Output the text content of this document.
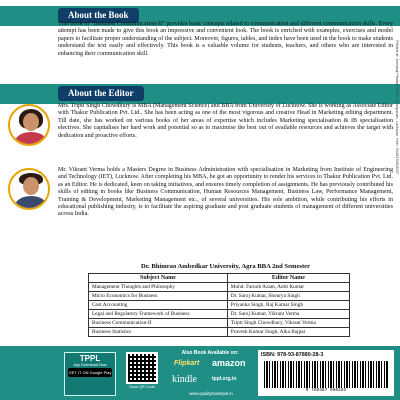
About the Book

This book of “Business Communication-II” provides basic concepts related to communication and different communication skills. Every attempt has been made to give this book an impressive and convenient look. The book is enriched with examples, exercises and model papers to facilitate proper understanding of the subject. Moreover, figures, tables, and index have been used in the book to make students understand the text easily and effectively. This book is a valuable volume for students, teachers, and others who are interested in enhancing their communication skill.

About the Editor

Mrs. Tripti Singh Chowdhury is MBA (Management Science) and BBA from University of Lucknow. She is working as Associate Editor with Thakur Publication Pvt. Ltd.. She has been acting as one of the most vigorous and creative Head in Marketing editing department. Till date, she has worked on various books of her areas of expertise which includes Marketing specialisation & IB specialisation electives. She capitalises her hard work and potential so as to maximise the best out of available resources and achieves the target with dedication and proactive efforts.

Mr. Vikrant Verma holds a Masters Degree in Business Administration with specialisation in Marketing from Institute of Engineering and Technology (IET), Lucknow. After completing his MBA, he got an opportunity to render his services to Thakur Publication Pvt. Ltd. as an Editor. He is dedicated, keen on taking initiatives, and ensures timely completion of assignments. He has previously contributed his skills of editing in books like Business Communication, Human Resources Management, Business Law, Performance Management, Training & Development, Marketing Management etc., of several universities. His sole ambition, while contributing his efforts in educational publishing industry, is to facilitate the aspiring graduate and post graduate students of management of different universities across India.

Dr. Bhimrao Ambedkar University, Agra BBA 2nd Semester
Subject Name	Editor Name
Management Thoughts and Philosophy	Mohd. Faroob Azam, Amit Kumar
Micro Economics for Business	Dr. Saroj Kumar, Shourya Singh
Cost Accounting	Priyanka Singh, Raj Kumar Singh
Legal and Regulatory Framework of Business	Dr. Saroj Kumar, Vikrant Verma
Business Communication-II	Tripti Singh Chowdhury, Vikrant Verma
Business Statistics	Pravesh Kumar Singh, Alka Bajpai
TPPL
App Download Now
GET IT ON Google Play
Scan QR Code
Also Book Available on:
Flipkart amazon
kindle	tppl.org.in
www.qualitybookspot.in
ISBN: 978-93-87880-28-3
9 789387 880283
Printed at: Jeevanji Printing Press, Jankipuram, Lucknow. Helo: 9335376806/07
